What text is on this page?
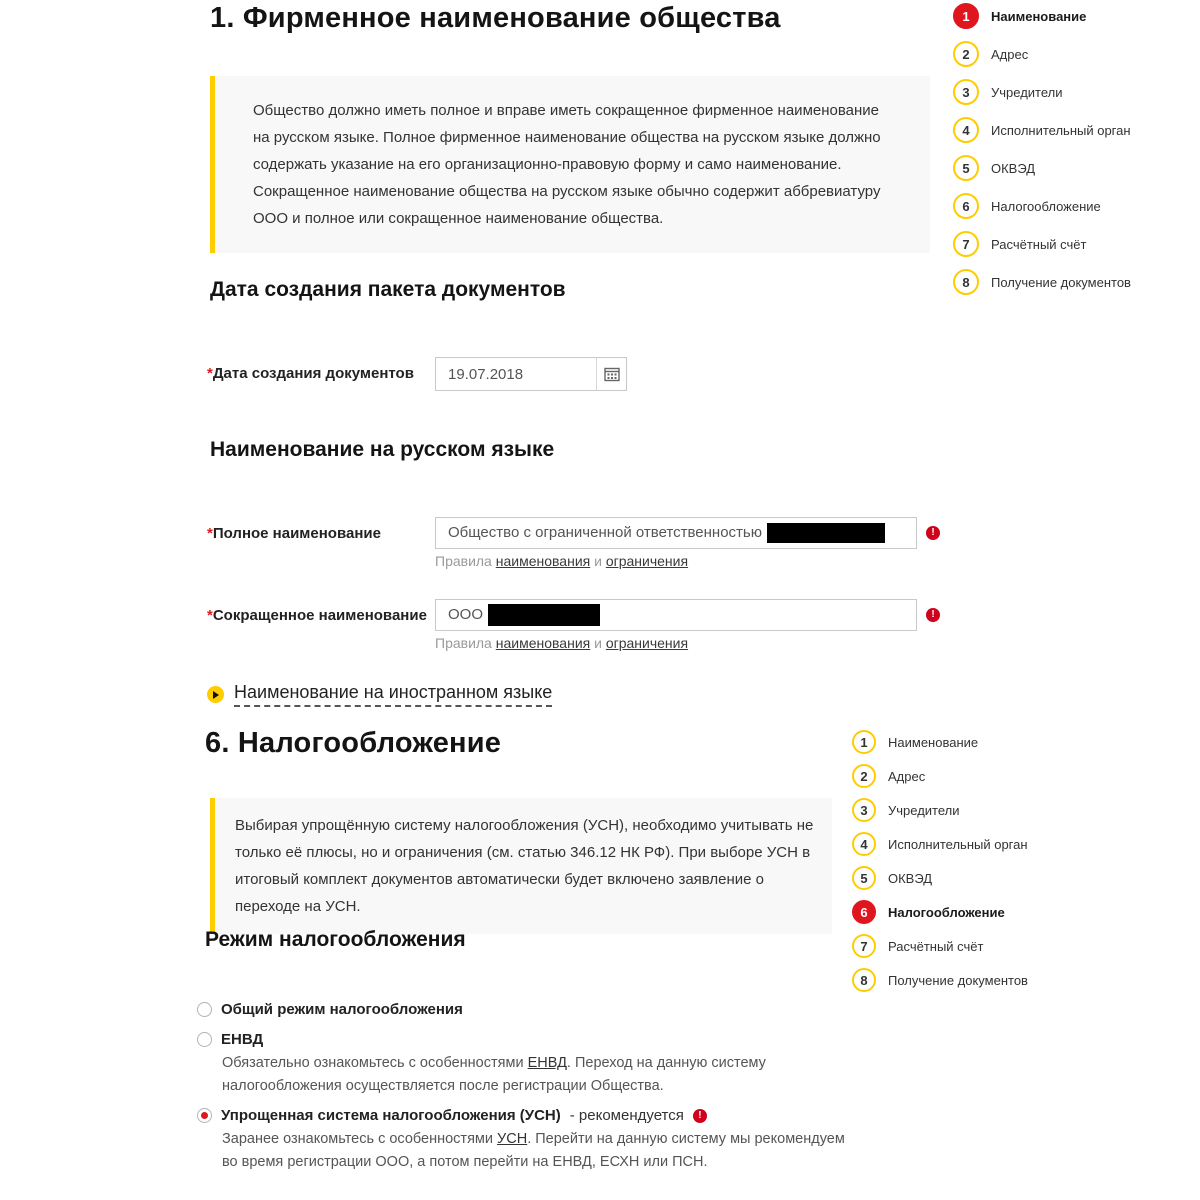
1. Фирменное наименование общества

Общество должно иметь полное и вправе иметь сокращенное фирменное наименование на русском языке. Полное фирменное наименование общества на русском языке должно содержать указание на его организационно-правовую форму и само наименование. Сокращенное наименование общества на русском языке обычно содержит аббревиатуру ООО и полное или сокращенное наименование общества.

Дата создания пакета документов
*Дата создания документов	19.07.2018
Наименование на русском языке
*Полное наименование	Общество с ограниченной ответственностью	!
Правила наименования и ограничения
*Сокращенное наименование	ООО	!
Правила наименования и ограничения
Наименование на иностранном языке
1	Наименование
2	Адрес
3	Учредители
4	Исполнительный орган
5	ОКВЭД
6	Налогообложение
7	Расчётный счёт
8	Получение документов
6. Налогообложение

Выбирая упрощённую систему налогообложения (УСН), необходимо учитывать не только её плюсы, но и ограничения (см. статью 346.12 НК РФ). При выборе УСН в итоговый комплект документов автоматически будет включено заявление о переходе на УСН.

Режим налогообложения
Общий режим налогообложения
ЕНВД
Обязательно ознакомьтесь с особенностями ЕНВД. Переход на данную систему налогообложения осуществляется после регистрации Общества.
Упрощенная система налогообложения (УСН) - рекомендуется	!
Заранее ознакомьтесь с особенностями УСН. Перейти на данную систему мы рекомендуем во время регистрации ООО, а потом перейти на ЕНВД, ЕСХН или ПСН.
1	Наименование
2	Адрес
3	Учредители
4	Исполнительный орган
5	ОКВЭД
6	Налогообложение
7	Расчётный счёт
8	Получение документов
